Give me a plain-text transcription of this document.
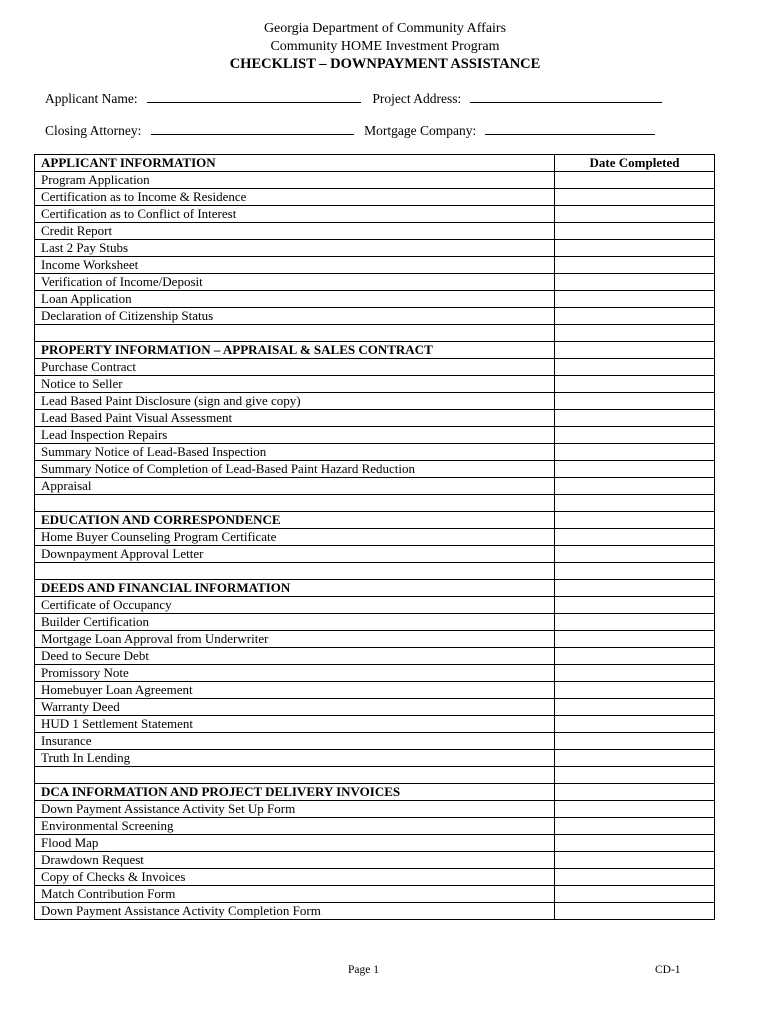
Georgia Department of Community Affairs
Community HOME Investment Program
CHECKLIST – DOWNPAYMENT ASSISTANCE
Applicant Name:	Project Address:
Closing Attorney:	Mortgage Company:
APPLICANT INFORMATION	Date Completed
Program Application	
Certification as to Income & Residence	
Certification as to Conflict of Interest	
Credit Report	
Last 2 Pay Stubs	
Income Worksheet	
Verification of Income/Deposit	
Loan Application	
Declaration of Citizenship Status	

PROPERTY INFORMATION – APPRAISAL & SALES CONTRACT	
Purchase Contract	
Notice to Seller	
Lead Based Paint Disclosure (sign and give copy)	
Lead Based Paint Visual Assessment	
Lead Inspection Repairs	
Summary Notice of Lead-Based Inspection	
Summary Notice of Completion of Lead-Based Paint Hazard Reduction	
Appraisal	

EDUCATION AND CORRESPONDENCE	
Home Buyer Counseling Program Certificate	
Downpayment Approval Letter	

DEEDS AND FINANCIAL INFORMATION	
Certificate of Occupancy	
Builder Certification	
Mortgage Loan Approval from Underwriter	
Deed to Secure Debt	
Promissory Note	
Homebuyer Loan Agreement	
Warranty Deed	
HUD 1 Settlement Statement	
Insurance	
Truth In Lending	

DCA INFORMATION AND PROJECT DELIVERY INVOICES	
Down Payment Assistance Activity Set Up Form	
Environmental Screening	
Flood Map	
Drawdown Request	
Copy of Checks & Invoices	
Match Contribution Form	
Down Payment Assistance Activity Completion Form	
Page 1	CD-1
